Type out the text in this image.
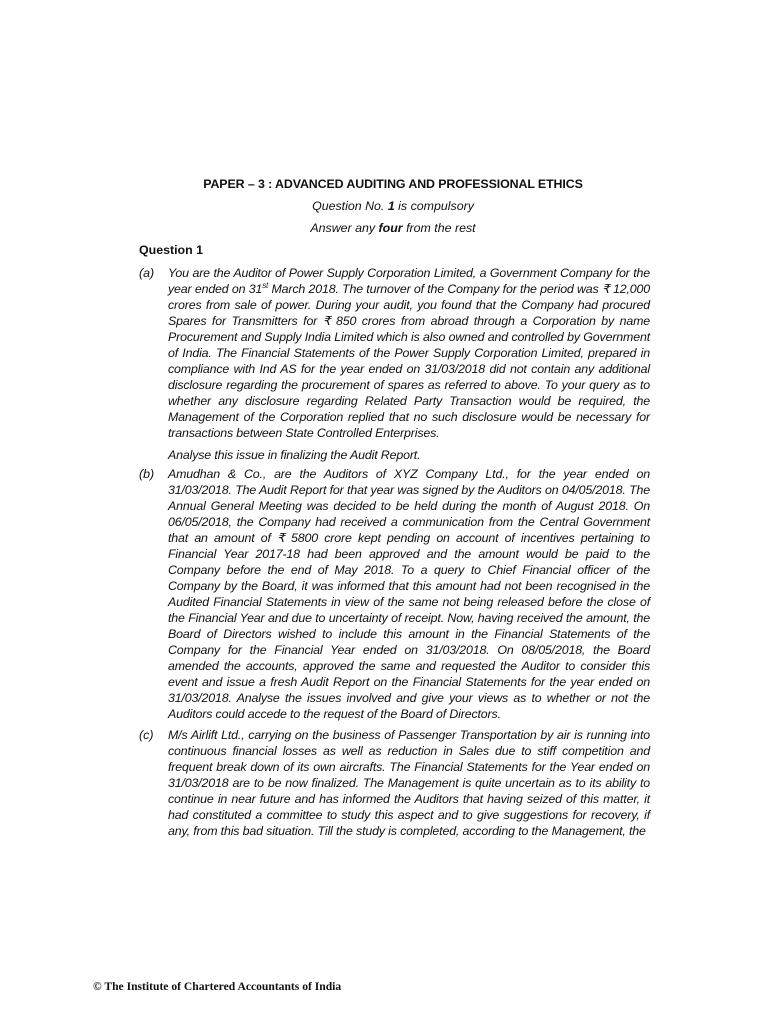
PAPER – 3 : ADVANCED AUDITING AND PROFESSIONAL ETHICS
Question No. 1 is compulsory
Answer any four from the rest
Question 1
(a) You are the Auditor of Power Supply Corporation Limited, a Government Company for the year ended on 31st March 2018. The turnover of the Company for the period was ₹ 12,000 crores from sale of power. During your audit, you found that the Company had procured Spares for Transmitters for ₹ 850 crores from abroad through a Corporation by name Procurement and Supply India Limited which is also owned and controlled by Government of India. The Financial Statements of the Power Supply Corporation Limited, prepared in compliance with Ind AS for the year ended on 31/03/2018 did not contain any additional disclosure regarding the procurement of spares as referred to above. To your query as to whether any disclosure regarding Related Party Transaction would be required, the Management of the Corporation replied that no such disclosure would be necessary for transactions between State Controlled Enterprises.
Analyse this issue in finalizing the Audit Report.
(b) Amudhan & Co., are the Auditors of XYZ Company Ltd., for the year ended on 31/03/2018. The Audit Report for that year was signed by the Auditors on 04/05/2018. The Annual General Meeting was decided to be held during the month of August 2018. On 06/05/2018, the Company had received a communication from the Central Government that an amount of ₹ 5800 crore kept pending on account of incentives pertaining to Financial Year 2017-18 had been approved and the amount would be paid to the Company before the end of May 2018. To a query to Chief Financial officer of the Company by the Board, it was informed that this amount had not been recognised in the Audited Financial Statements in view of the same not being released before the close of the Financial Year and due to uncertainty of receipt. Now, having received the amount, the Board of Directors wished to include this amount in the Financial Statements of the Company for the Financial Year ended on 31/03/2018. On 08/05/2018, the Board amended the accounts, approved the same and requested the Auditor to consider this event and issue a fresh Audit Report on the Financial Statements for the year ended on 31/03/2018. Analyse the issues involved and give your views as to whether or not the Auditors could accede to the request of the Board of Directors.
(c) M/s Airlift Ltd., carrying on the business of Passenger Transportation by air is running into continuous financial losses as well as reduction in Sales due to stiff competition and frequent break down of its own aircrafts. The Financial Statements for the Year ended on 31/03/2018 are to be now finalized. The Management is quite uncertain as to its ability to continue in near future and has informed the Auditors that having seized of this matter, it had constituted a committee to study this aspect and to give suggestions for recovery, if any, from this bad situation. Till the study is completed, according to the Management, the
© The Institute of Chartered Accountants of India
